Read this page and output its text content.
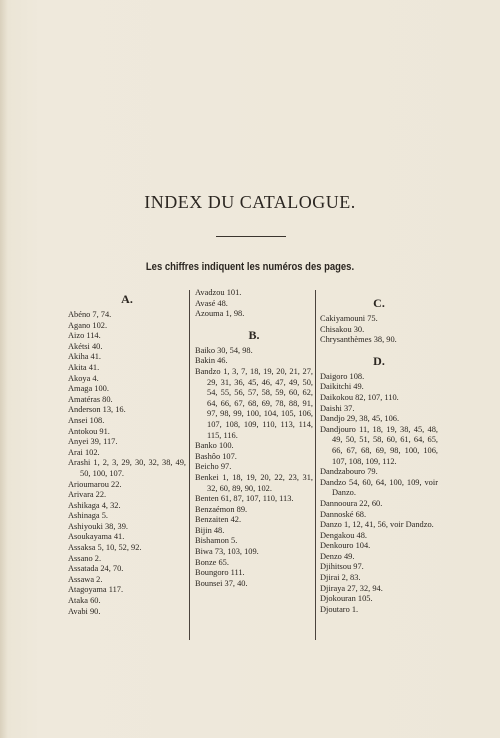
INDEX DU CATALOGUE.
Les chiffres indiquent les numéros des pages.
A.
Abéno 7, 74.
Agano 102.
Aizo 114.
Akétsi 40.
Akiha 41.
Akita 41.
Akoya 4.
Amaga 100.
Amatéras 80.
Anderson 13, 16.
Ansei 108.
Antokou 91.
Anyei 39, 117.
Arai 102.
Arashi 1, 2, 3, 29, 30, 32, 38, 49, 50, 100, 107.
Arioumarou 22.
Arivara 22.
Ashikaga 4, 32.
Ashinaga 5.
Ashiyouki 38, 39.
Asoukayama 41.
Assaksa 5, 10, 52, 92.
Assano 2.
Assatada 24, 70.
Assawa 2.
Atagoyama 117.
Ataka 60.
Avabi 90.
Avadzou 101.
Avasé 48.
Azouma 1, 98.
B.
Baiko 30, 54, 98.
Bakin 46.
Bandzo 1, 3, 7, 18, 19, 20, 21, 27, 29, 31, 36, 45, 46, 47, 49, 50, 54, 55, 56, 57, 58, 59, 60, 62, 64, 66, 67, 68, 69, 78, 88, 91, 97, 98, 99, 100, 104, 105, 106, 107, 108, 109, 110, 113, 114, 115, 116.
Banko 100.
Bashôo 107.
Beicho 97.
Benkei 1, 18, 19, 20, 22, 23, 31, 32, 60, 89, 90, 102.
Benten 61, 87, 107, 110, 113.
Benzaémon 89.
Benzaiten 42.
Bijin 48.
Bishamon 5.
Biwa 73, 103, 109.
Bonze 65.
Boungoro 111.
Bounsei 37, 40.
C.
Cakiyamouni 75.
Chisakou 30.
Chrysanthèmes 38, 90.
D.
Daigoro 108.
Daikitchi 49.
Daikokou 82, 107, 110.
Daishi 37.
Dandjo 29, 38, 45, 106.
Dandjouro 11, 18, 19, 38, 45, 48, 49, 50, 51, 58, 60, 61, 64, 65, 66, 67, 68, 69, 98, 100, 106, 107, 108, 109, 112.
Dandzabouro 79.
Dandzo 54, 60, 64, 100, 109, voir Danzo.
Dannooura 22, 60.
Dannoské 68.
Danzo 1, 12, 41, 56, voir Dandzo.
Dengakou 48.
Denkouro 104.
Denzo 49.
Djihitsou 97.
Djirai 2, 83.
Djiraya 27, 32, 94.
Djokouran 105.
Djoutaro 1.
